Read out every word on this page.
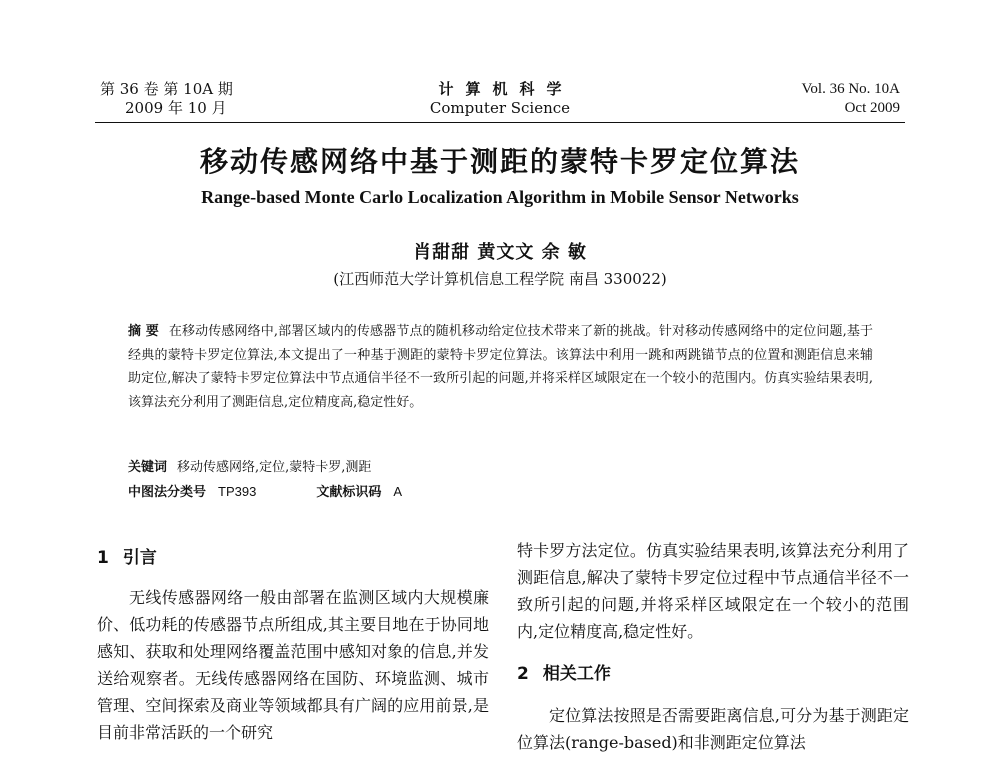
第 36 卷 第 10A 期
2009 年 10 月
计算机科学
Computer Science
Vol. 36 No. 10A
Oct 2009
移动传感网络中基于测距的蒙特卡罗定位算法
Range-based Monte Carlo Localization Algorithm in Mobile Sensor Networks
肖甜甜 黄文文 余 敏
(江西师范大学计算机信息工程学院 南昌 330022)
摘 要 在移动传感网络中,部署区域内的传感器节点的随机移动给定位技术带来了新的挑战。针对移动传感网络中的定位问题,基于经典的蒙特卡罗定位算法,本文提出了一种基于测距的蒙特卡罗定位算法。该算法中利用一跳和两跳锚节点的位置和测距信息来辅助定位,解决了蒙特卡罗定位算法中节点通信半径不一致所引起的问题,并将采样区域限定在一个较小的范围内。仿真实验结果表明,该算法充分利用了测距信息,定位精度高,稳定性好。
关键词 移动传感网络,定位,蒙特卡罗,测距
中图法分类号 TP393	文献标识码 A
1 引言

无线传感器网络一般由部署在监测区域内大规模廉价、低功耗的传感器节点所组成,其主要目地在于协同地感知、获取和处理网络覆盖范围中感知对象的信息,并发送给观察者。无线传感器网络在国防、环境监测、城市管理、空间探索及商业等领域都具有广阔的应用前景,是目前非常活跃的一个研究

特卡罗方法定位。仿真实验结果表明,该算法充分利用了测距信息,解决了蒙特卡罗定位过程中节点通信半径不一致所引起的问题,并将采样区域限定在一个较小的范围内,定位精度高,稳定性好。

2 相关工作

定位算法按照是否需要距离信息,可分为基于测距定位算法(range-based)和非测距定位算法
